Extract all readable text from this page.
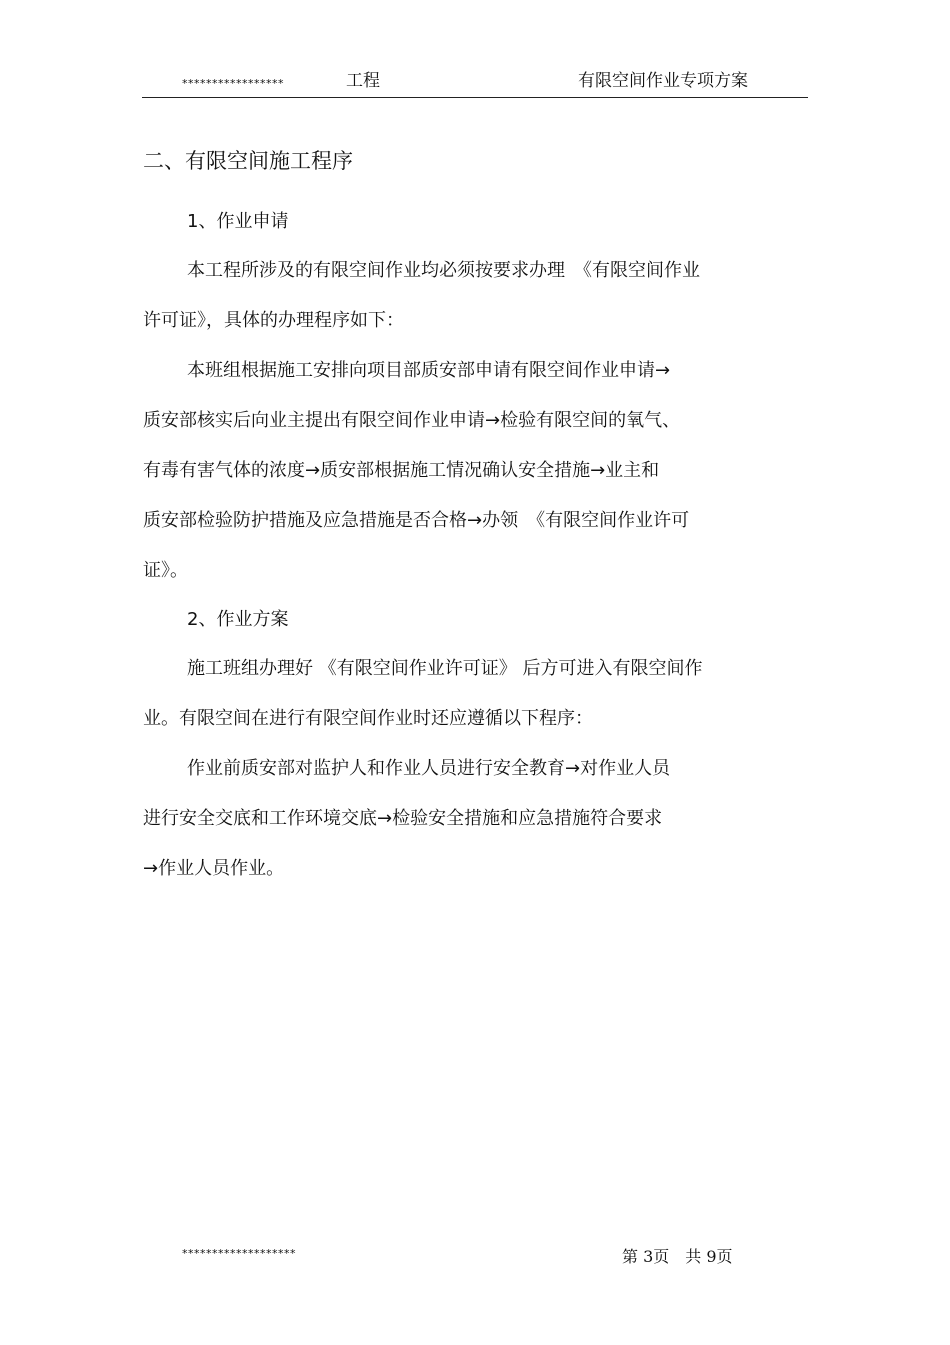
*****************	工程	有限空间作业专项方案
二、有限空间施工程序
1、作业申请
本工程所涉及的有限空间作业均必须按要求办理　《有限空间作业
许可证》，具体的办理程序如下：
本班组根据施工安排向项目部质安部申请有限空间作业申请→
质安部核实后向业主提出有限空间作业申请→检验有限空间的氧气、
有毒有害气体的浓度→质安部根据施工情况确认安全措施→业主和
质安部检验防护措施及应急措施是否合格→办领　《有限空间作业许可
证》。
2、作业方案
施工班组办理好 《有限空间作业许可证》 后方可进入有限空间作
业。有限空间在进行有限空间作业时还应遵循以下程序：
作业前质安部对监护人和作业人员进行安全教育→对作业人员
进行安全交底和工作环境交底→检验安全措施和应急措施符合要求
→作业人员作业。
*******************	第 3页　共 9页
